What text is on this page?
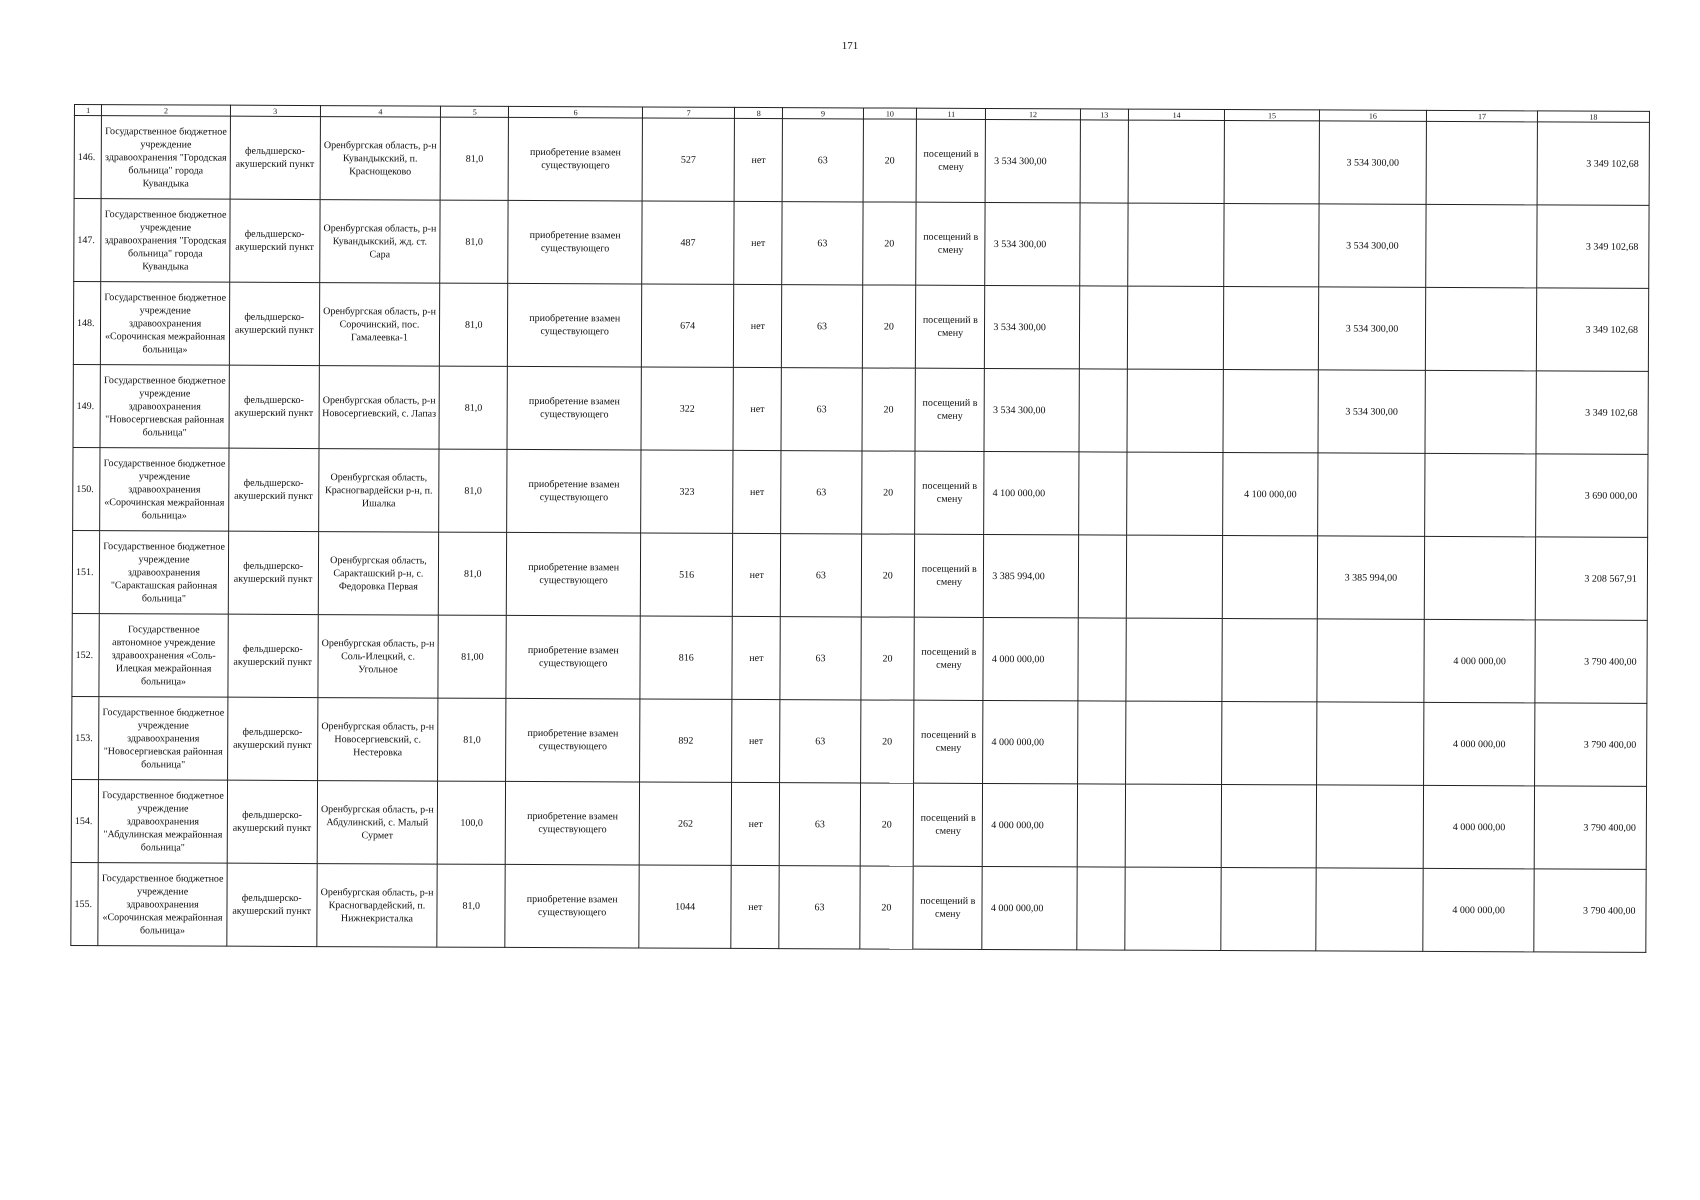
171
1	2	3	4	5	6	7	8	9	10	11	12	13	14	15	16	17	18
146.	Государственное бюджетное учреждение здравоохранения "Городская больница" города Кувандыка	фельдшерско-акушерский пункт	Оренбургская область, р-н Кувандыкский, п. Краснощеково	81,0	приобретение взамен существующего	527	нет	63	20	посещений в смену	3 534 300,00				3 534 300,00		3 349 102,68
147.	Государственное бюджетное учреждение здравоохранения "Городская больница" города Кувандыка	фельдшерско-акушерский пункт	Оренбургская область, р-н Кувандыкский, жд. ст. Сара	81,0	приобретение взамен существующего	487	нет	63	20	посещений в смену	3 534 300,00				3 534 300,00		3 349 102,68
148.	Государственное бюджетное учреждение здравоохранения «Сорочинская межрайонная больница»	фельдшерско-акушерский пункт	Оренбургская область, р-н Сорочинский, пос. Гамалеевка-1	81,0	приобретение взамен существующего	674	нет	63	20	посещений в смену	3 534 300,00				3 534 300,00		3 349 102,68
149.	Государственное бюджетное учреждение здравоохранения "Новосергиевская районная больница"	фельдшерско-акушерский пункт	Оренбургская область, р-н Новосергиевский, с. Лапаз	81,0	приобретение взамен существующего	322	нет	63	20	посещений в смену	3 534 300,00				3 534 300,00		3 349 102,68
150.	Государственное бюджетное учреждение здравоохранения «Сорочинская межрайонная больница»	фельдшерско-акушерский пункт	Оренбургская область, Красногвардейски р-н, п. Ишалка	81,0	приобретение взамен существующего	323	нет	63	20	посещений в смену	4 100 000,00			4 100 000,00			3 690 000,00
151.	Государственное бюджетное учреждение здравоохранения "Саракташская районная больница"	фельдшерско-акушерский пункт	Оренбургская область, Саракташский р-н, с. Федоровка Первая	81,0	приобретение взамен существующего	516	нет	63	20	посещений в смену	3 385 994,00				3 385 994,00		3 208 567,91
152.	Государственное автономное учреждение здравоохранения «Соль-Илецкая межрайонная больница»	фельдшерско-акушерский пункт	Оренбургская область, р-н Соль-Илецкий, с. Угольное	81,00	приобретение взамен существующего	816	нет	63	20	посещений в смену	4 000 000,00					4 000 000,00	3 790 400,00
153.	Государственное бюджетное учреждение здравоохранения "Новосергиевская районная больница"	фельдшерско-акушерский пункт	Оренбургская область, р-н Новосергиевский, с. Нестеровка	81,0	приобретение взамен существующего	892	нет	63	20	посещений в смену	4 000 000,00					4 000 000,00	3 790 400,00
154.	Государственное бюджетное учреждение здравоохранения "Абдулинская межрайонная больница"	фельдшерско-акушерский пункт	Оренбургская область, р-н Абдулинский, с. Малый Сурмет	100,0	приобретение взамен существующего	262	нет	63	20	посещений в смену	4 000 000,00					4 000 000,00	3 790 400,00
155.	Государственное бюджетное учреждение здравоохранения «Сорочинская межрайонная больница»	фельдшерско-акушерский пункт	Оренбургская область, р-н Красногвардейский, п. Нижнекристалка	81,0	приобретение взамен существующего	1044	нет	63	20	посещений в смену	4 000 000,00					4 000 000,00	3 790 400,00
